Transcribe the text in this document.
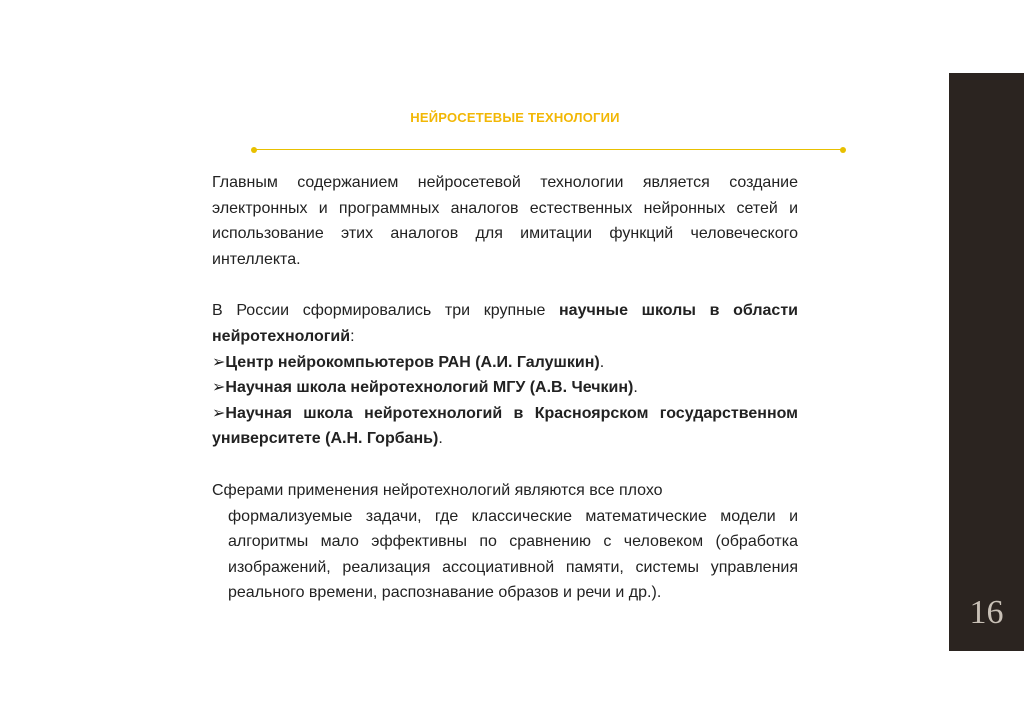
НЕЙРОСЕТЕВЫЕ ТЕХНОЛОГИИ

Главным содержанием нейросетевой технологии является создание электронных и программных аналогов естественных нейронных сетей и использование этих аналогов для имитации функций человеческого интеллекта.

В России сформировались три крупные научные школы в области нейротехнологий:

➢Центр нейрокомпьютеров РАН (А.И. Галушкин).

➢Научная школа нейротехнологий МГУ (А.В. Чечкин).

➢Научная школа нейротехнологий в Красноярском государственном университете (А.Н. Горбань).

Сферами применения нейротехнологий являются все плохо

формализуемые задачи, где классические математические модели и алгоритмы мало эффективны по сравнению с человеком (обработка изображений, реализация ассоциативной памяти, системы управления реального времени, распознавание образов и речи и др.).

16
